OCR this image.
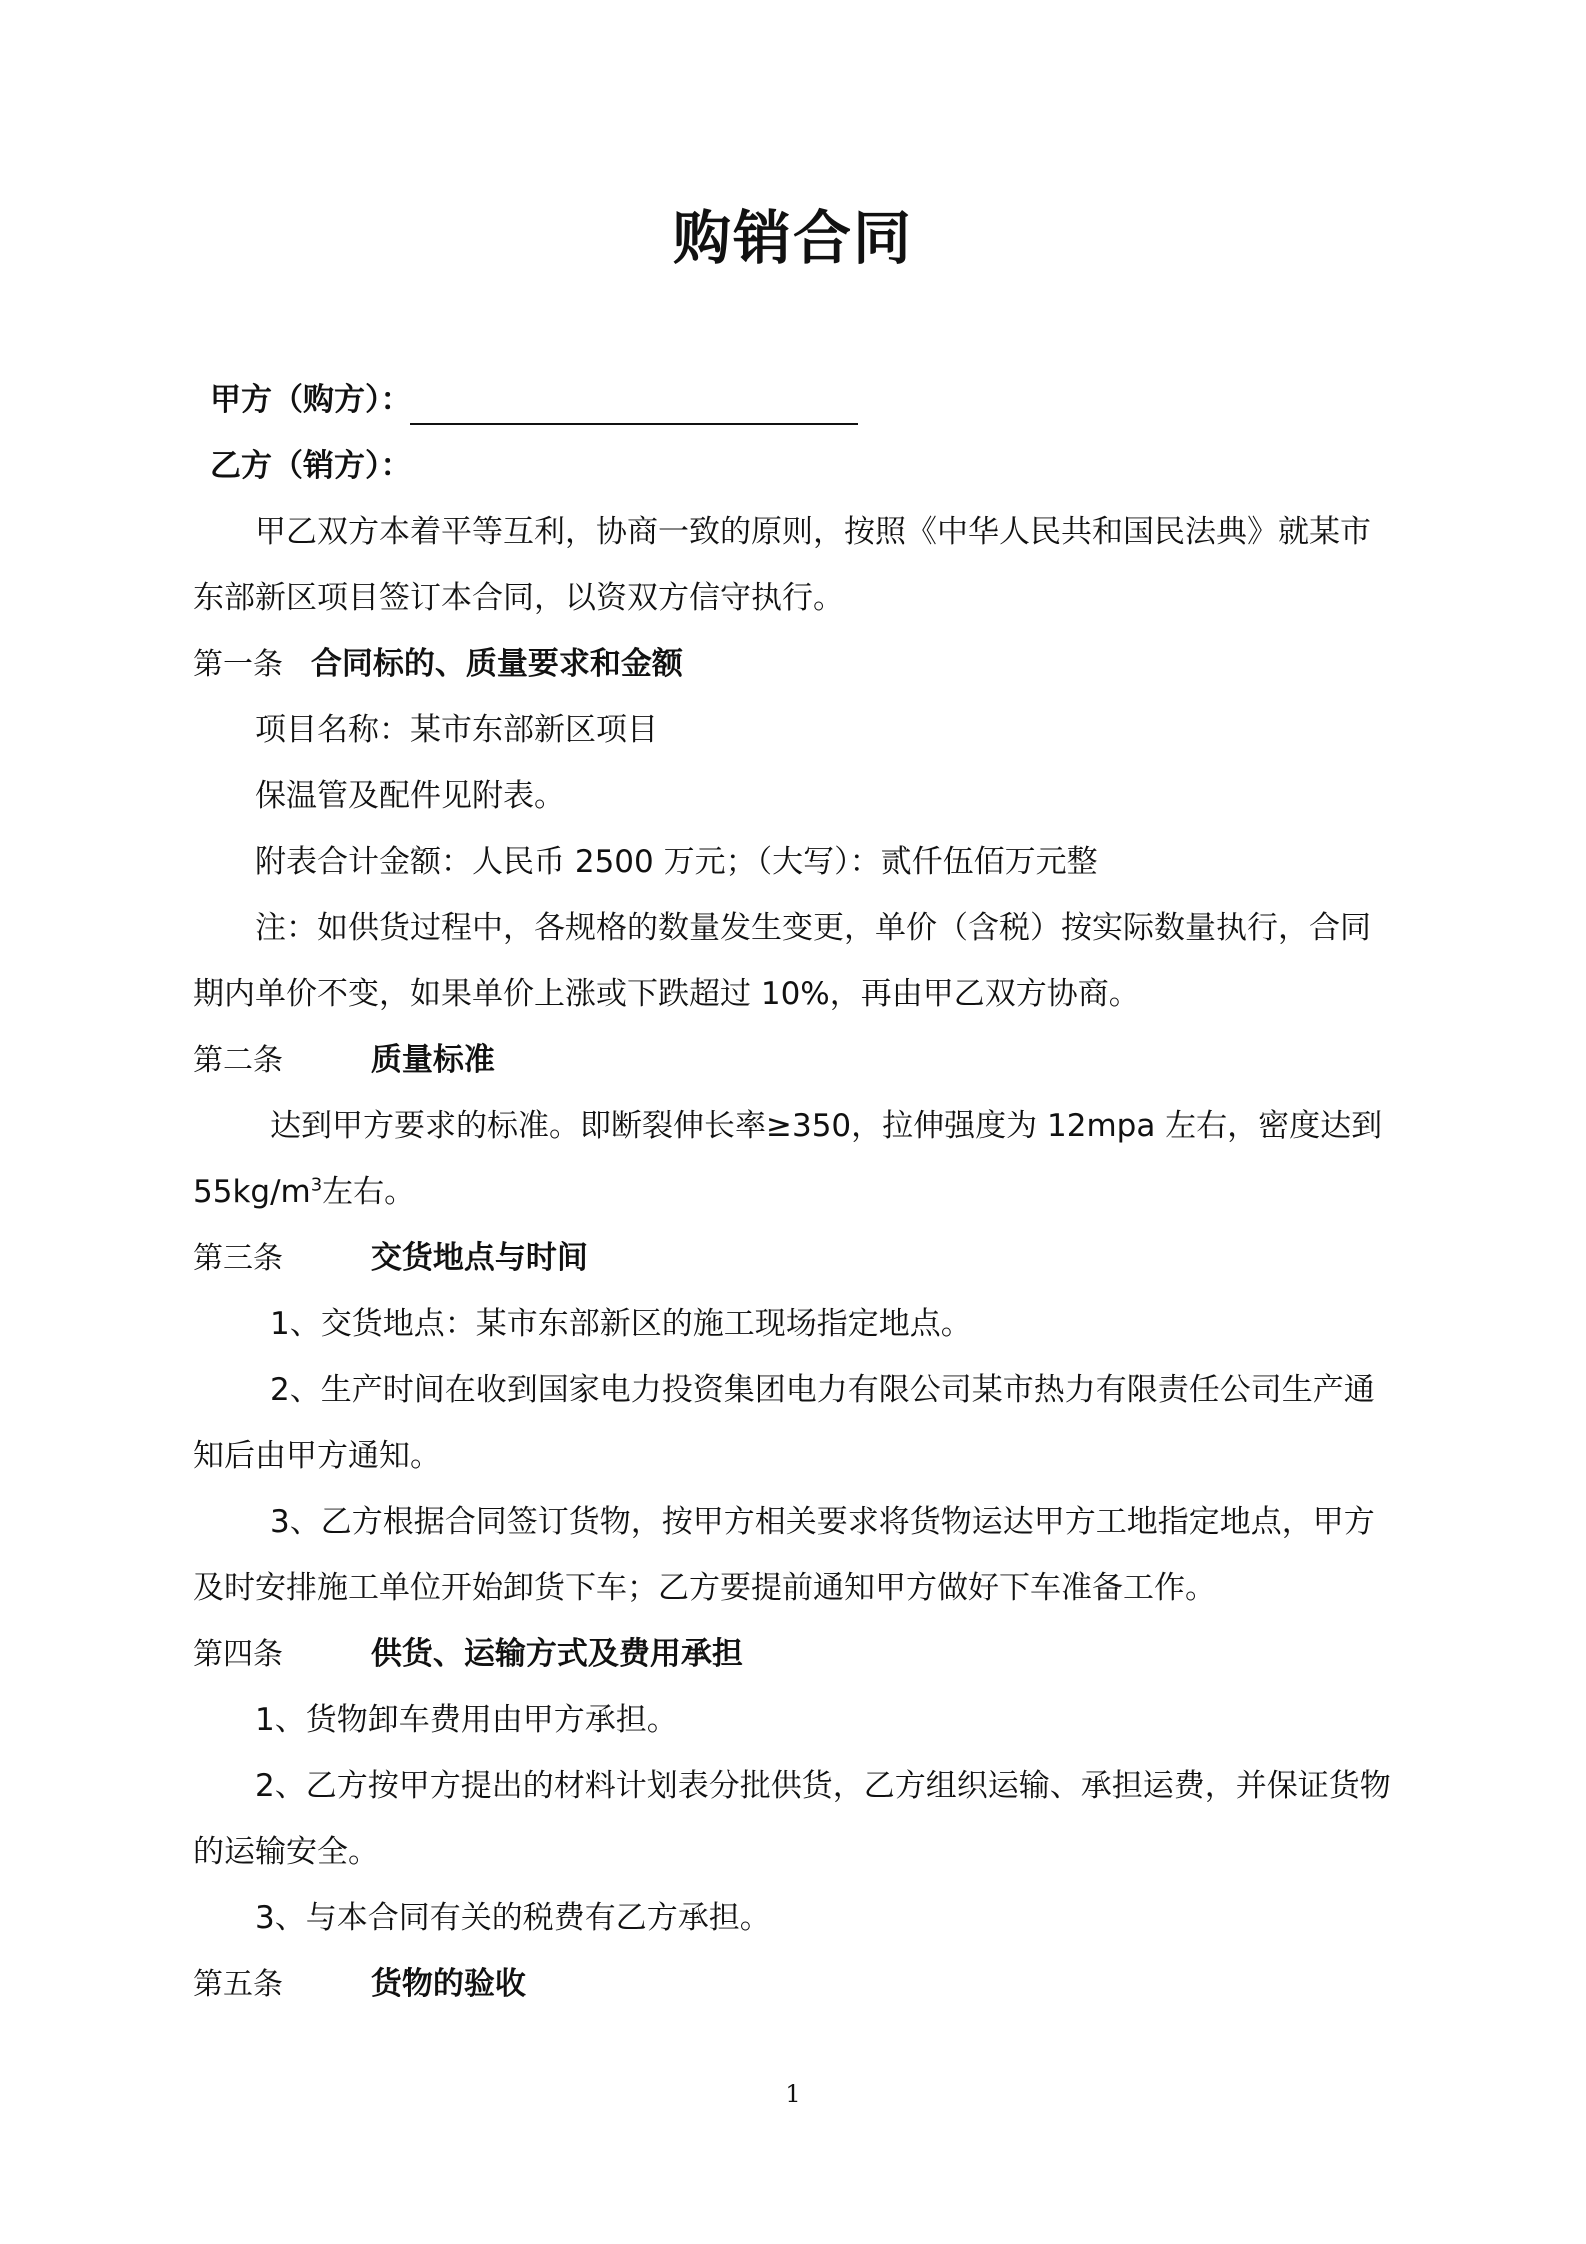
购销合同
甲方（购方）：
乙方（销方）：
甲乙双方本着平等互利，协商一致的原则，按照《中华人民共和国民法典》就某市
东部新区项目签订本合同，以资双方信守执行。
第一条 合同标的、质量要求和金额
项目名称：某市东部新区项目
保温管及配件见附表。
附表合计金额：人民币 2500 万元；（大写）：贰仟伍佰万元整
注：如供货过程中，各规格的数量发生变更，单价（含税）按实际数量执行，合同
期内单价不变，如果单价上涨或下跌超过 10%，再由甲乙双方协商。
第二条	质量标准
达到甲方要求的标准。即断裂伸长率≥350，拉伸强度为 12mpa 左右，密度达到
$55kg/m^3$左右。
第三条	交货地点与时间
1、交货地点：某市东部新区的施工现场指定地点。
2、生产时间在收到国家电力投资集团电力有限公司某市热力有限责任公司生产通
知后由甲方通知。
3、乙方根据合同签订货物，按甲方相关要求将货物运达甲方工地指定地点，甲方
及时安排施工单位开始卸货下车；乙方要提前通知甲方做好下车准备工作。
第四条	供货、运输方式及费用承担
1、货物卸车费用由甲方承担。
2、乙方按甲方提出的材料计划表分批供货，乙方组织运输、承担运费，并保证货物
的运输安全。
3、与本合同有关的税费有乙方承担。
第五条	货物的验收
1
